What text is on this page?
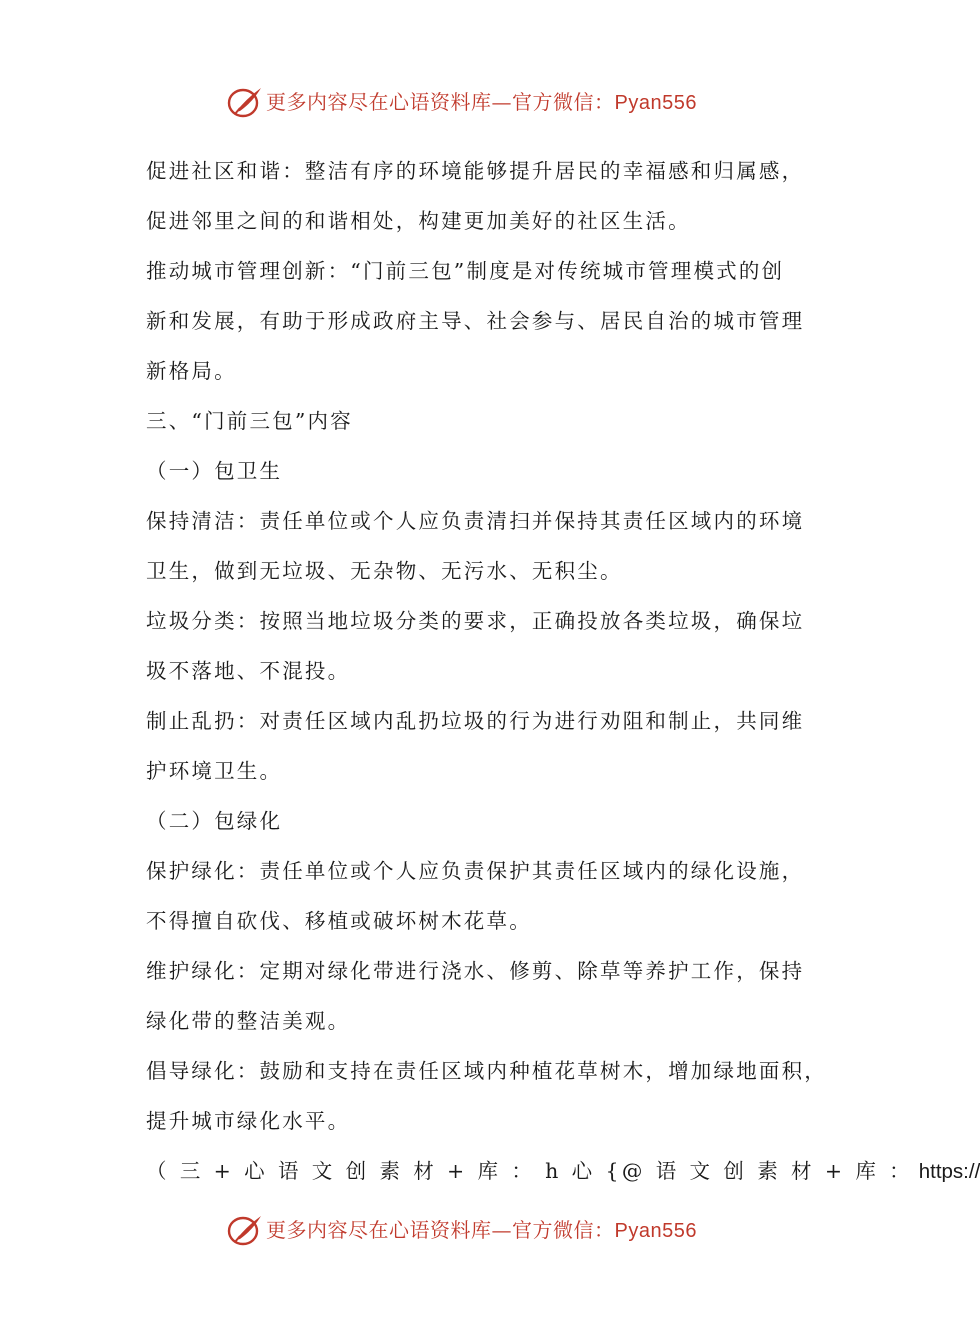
更多内容尽在心语资料库—官方微信：Pyan556
促进社区和谐：整洁有序的环境能够提升居民的幸福感和归属感，
促进邻里之间的和谐相处，构建更加美好的社区生活。
推动城市管理创新：“门前三包”制度是对传统城市管理模式的创
新和发展，有助于形成政府主导、社会参与、居民自治的城市管理
新格局。
三、“门前三包”内容
（一）包卫生
保持清洁：责任单位或个人应负责清扫并保持其责任区域内的环境
卫生，做到无垃圾、无杂物、无污水、无积尘。
垃圾分类：按照当地垃圾分类的要求，正确投放各类垃圾，确保垃
圾不落地、不混投。
制止乱扔：对责任区域内乱扔垃圾的行为进行劝阻和制止，共同维
护环境卫生。
（二）包绿化
保护绿化：责任单位或个人应负责保护其责任区域内的绿化设施，
不得擅自砍伐、移植或破坏树木花草。
维护绿化：定期对绿化带进行浇水、修剪、除草等养护工作，保持
绿化带的整洁美观。
倡导绿化：鼓励和支持在责任区域内种植花草树木，增加绿地面积，
提升城市绿化水平。
（ 三 + 心 语 文 创 素 材 + 库 ： h 心 {@ 语 文 创 素 材 + 库 ： https://
更多内容尽在心语资料库—官方微信：Pyan556
